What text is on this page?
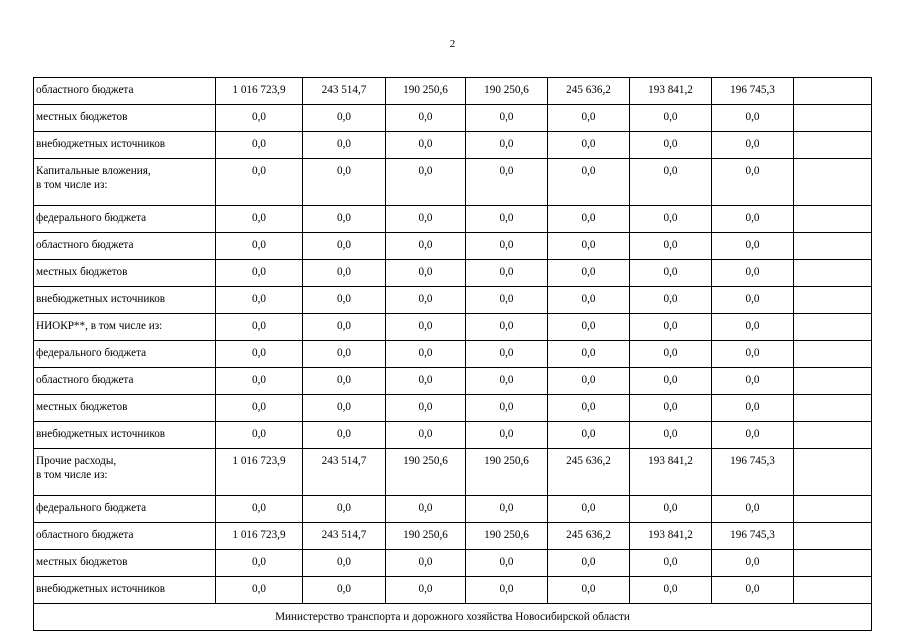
2
областного бюджета	1 016 723,9	243 514,7	190 250,6	190 250,6	245 636,2	193 841,2	196 745,3	
местных бюджетов	0,0	0,0	0,0	0,0	0,0	0,0	0,0	
внебюджетных источников	0,0	0,0	0,0	0,0	0,0	0,0	0,0	
Капитальные вложения,
в том числе из:	0,0	0,0	0,0	0,0	0,0	0,0	0,0	
федерального бюджета	0,0	0,0	0,0	0,0	0,0	0,0	0,0	
областного бюджета	0,0	0,0	0,0	0,0	0,0	0,0	0,0	
местных бюджетов	0,0	0,0	0,0	0,0	0,0	0,0	0,0	
внебюджетных источников	0,0	0,0	0,0	0,0	0,0	0,0	0,0	
НИОКР**, в том числе из:	0,0	0,0	0,0	0,0	0,0	0,0	0,0	
федерального бюджета	0,0	0,0	0,0	0,0	0,0	0,0	0,0	
областного бюджета	0,0	0,0	0,0	0,0	0,0	0,0	0,0	
местных бюджетов	0,0	0,0	0,0	0,0	0,0	0,0	0,0	
внебюджетных источников	0,0	0,0	0,0	0,0	0,0	0,0	0,0	
Прочие расходы,
в том числе из:	1 016 723,9	243 514,7	190 250,6	190 250,6	245 636,2	193 841,2	196 745,3	
федерального бюджета	0,0	0,0	0,0	0,0	0,0	0,0	0,0	
областного бюджета	1 016 723,9	243 514,7	190 250,6	190 250,6	245 636,2	193 841,2	196 745,3	
местных бюджетов	0,0	0,0	0,0	0,0	0,0	0,0	0,0	
внебюджетных источников	0,0	0,0	0,0	0,0	0,0	0,0	0,0	
Министерство транспорта и дорожного хозяйства Новосибирской области								
